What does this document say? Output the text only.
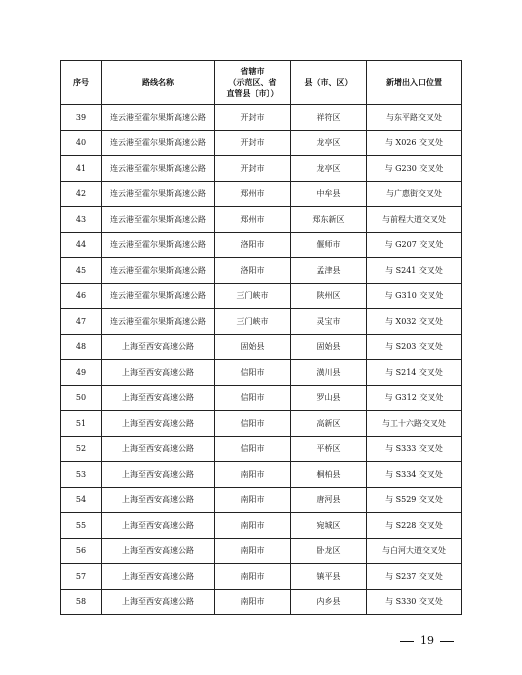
序号	路线名称	省辖市
（示范区、省
直管县〔市〕）	县（市、区）	新增出入口位置
39	连云港至霍尔果斯高速公路	开封市	祥符区	与东平路交叉处
40	连云港至霍尔果斯高速公路	开封市	龙亭区	与 X026 交叉处
41	连云港至霍尔果斯高速公路	开封市	龙亭区	与 G230 交叉处
42	连云港至霍尔果斯高速公路	郑州市	中牟县	与广惠街交叉处
43	连云港至霍尔果斯高速公路	郑州市	郑东新区	与前程大道交叉处
44	连云港至霍尔果斯高速公路	洛阳市	偃师市	与 G207 交叉处
45	连云港至霍尔果斯高速公路	洛阳市	孟津县	与 S241 交叉处
46	连云港至霍尔果斯高速公路	三门峡市	陕州区	与 G310 交叉处
47	连云港至霍尔果斯高速公路	三门峡市	灵宝市	与 X032 交叉处
48	上海至西安高速公路	固始县	固始县	与 S203 交叉处
49	上海至西安高速公路	信阳市	潢川县	与 S214 交叉处
50	上海至西安高速公路	信阳市	罗山县	与 G312 交叉处
51	上海至西安高速公路	信阳市	高新区	与工十六路交叉处
52	上海至西安高速公路	信阳市	平桥区	与 S333 交叉处
53	上海至西安高速公路	南阳市	桐柏县	与 S334 交叉处
54	上海至西安高速公路	南阳市	唐河县	与 S529 交叉处
55	上海至西安高速公路	南阳市	宛城区	与 S228 交叉处
56	上海至西安高速公路	南阳市	卧龙区	与白河大道交叉处
57	上海至西安高速公路	南阳市	镇平县	与 S237 交叉处
58	上海至西安高速公路	南阳市	内乡县	与 S330 交叉处
19
